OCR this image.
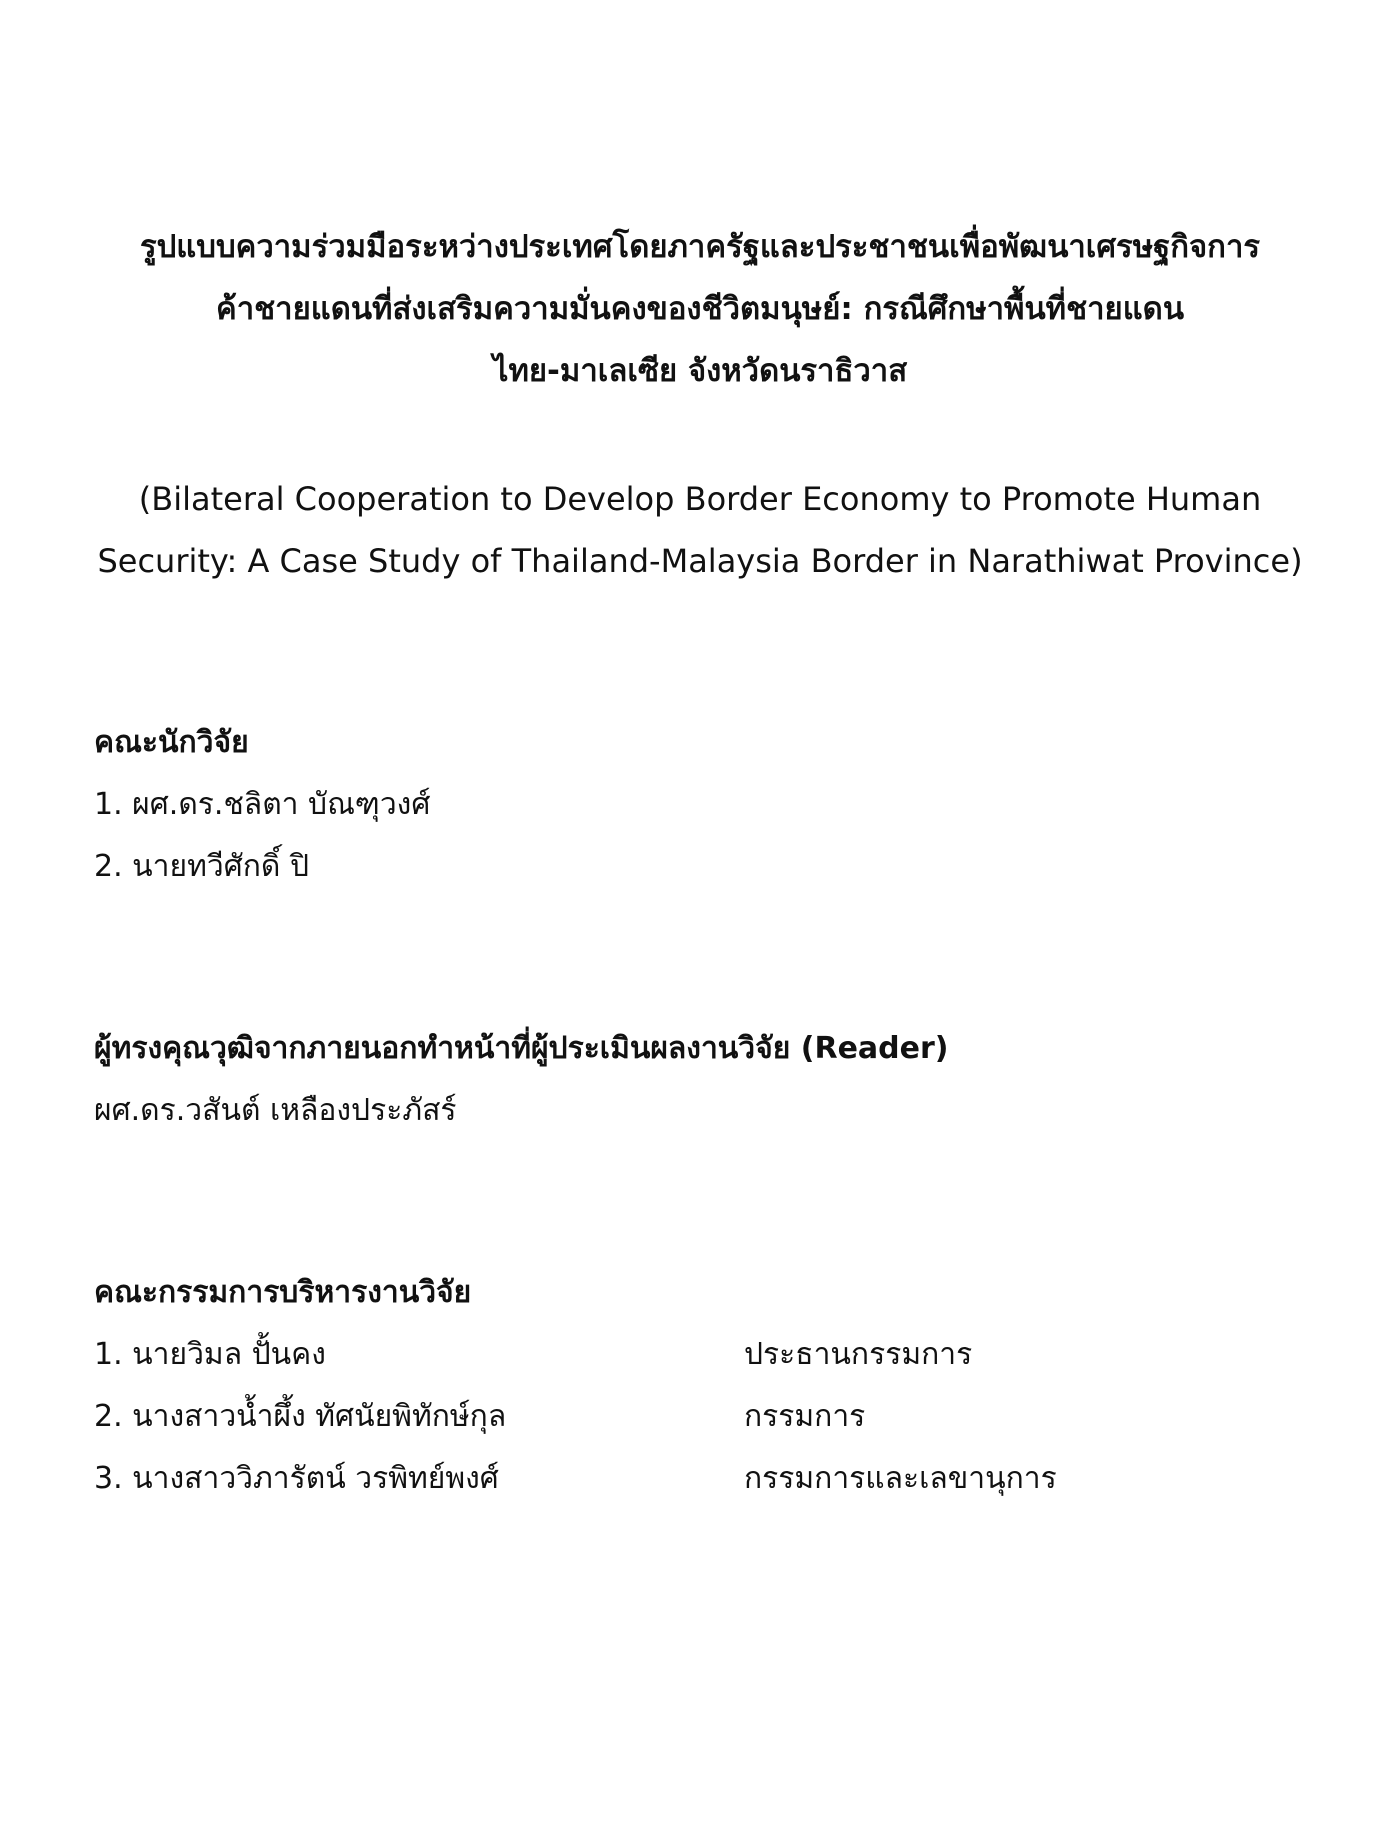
รูปแบบความร่วมมือระหว่างประเทศโดยภาครัฐและประชาชนเพื่อพัฒนาเศรษฐกิจการ
ค้าชายแดนที่ส่งเสริมความมั่นคงของชีวิตมนุษย์: กรณีศึกษาพื้นที่ชายแดน
ไทย-มาเลเซีย จังหวัดนราธิวาส
(Bilateral Cooperation to Develop Border Economy to Promote Human
Security: A Case Study of Thailand-Malaysia Border in Narathiwat Province)
คณะนักวิจัย
1. ผศ.ดร.ชลิตา บัณฑุวงศ์
2. นายทวีศักดิ์ ปิ
ผู้ทรงคุณวุฒิจากภายนอกทำหน้าที่ผู้ประเมินผลงานวิจัย (Reader)
ผศ.ดร.วสันต์ เหลืองประภัสร์
คณะกรรมการบริหารงานวิจัย
1. นายวิมล ปั้นคง	ประธานกรรมการ
2. นางสาวน้ำผึ้ง ทัศนัยพิทักษ์กุล	กรรมการ
3. นางสาววิภารัตน์ วรพิทย์พงศ์	กรรมการและเลขานุการ
